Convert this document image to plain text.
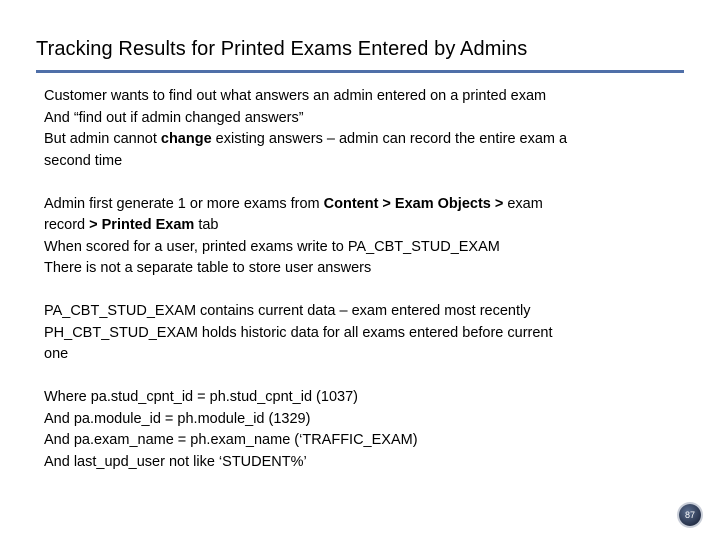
Tracking Results for Printed Exams Entered by Admins
Customer wants to find out what answers an admin entered on a printed exam
And “find out if admin changed answers”
But admin cannot change existing answers – admin can record the entire exam a
second time
Admin first generate 1 or more exams from Content > Exam Objects > exam
record > Printed Exam tab
When scored for a user, printed exams write to PA_CBT_STUD_EXAM
There is not a separate table to store user answers
PA_CBT_STUD_EXAM contains current data – exam entered most recently
PH_CBT_STUD_EXAM holds historic data for all exams entered before current
one
Where pa.stud_cpnt_id = ph.stud_cpnt_id (1037)
And pa.module_id = ph.module_id (1329)
And pa.exam_name = ph.exam_name (‘TRAFFIC_EXAM)
And last_upd_user not like ‘STUDENT%’
87
